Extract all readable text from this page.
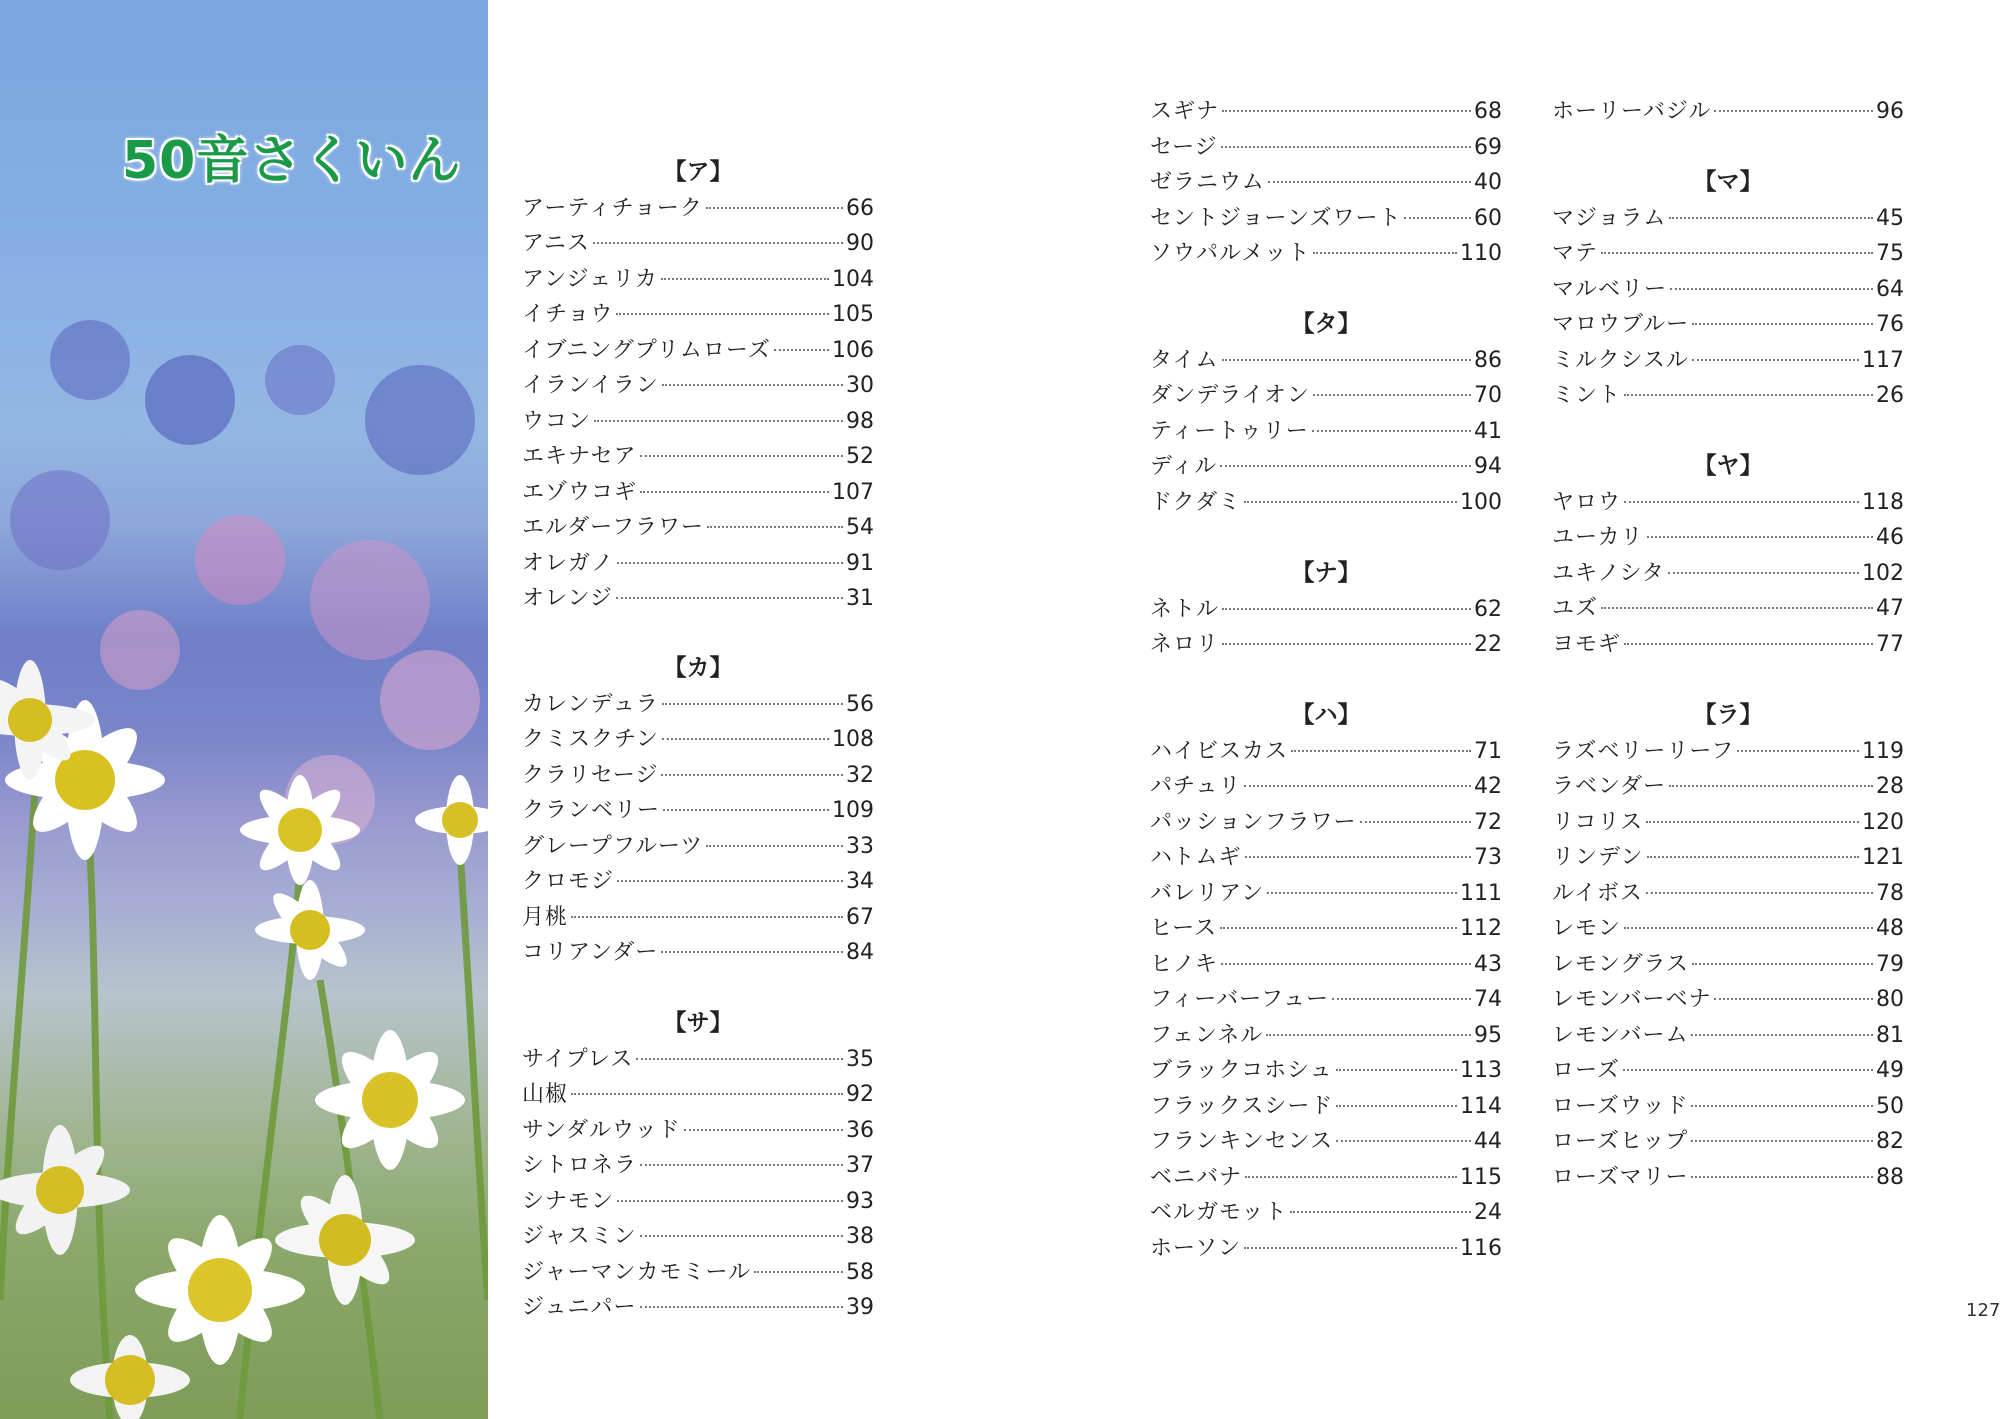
50音さくいん	【ア】
アーティチョーク	66
アニス	90
アンジェリカ	104
イチョウ	105
イブニングプリムローズ	106
イランイラン	30
ウコン	98
エキナセア	52
エゾウコギ	107
エルダーフラワー	54
オレガノ	91
オレンジ	31
【カ】
カレンデュラ	56
クミスクチン	108
クラリセージ	32
クランベリー	109
グレープフルーツ	33
クロモジ	34
月桃	67
コリアンダー	84
【サ】
サイプレス	35
山椒	92
サンダルウッド	36
シトロネラ	37
シナモン	93
ジャスミン	38
ジャーマンカモミール	58
ジュニパー	39
スギナ	68
セージ	69
ゼラニウム	40
セントジョーンズワート	60
ソウパルメット	110
【タ】
タイム	86
ダンデライオン	70
ティートゥリー	41
ディル	94
ドクダミ	100
【ナ】
ネトル	62
ネロリ	22
【ハ】
ハイビスカス	71
パチュリ	42
パッションフラワー	72
ハトムギ	73
バレリアン	111
ヒース	112
ヒノキ	43
フィーバーフュー	74
フェンネル	95
ブラックコホシュ	113
フラックスシード	114
フランキンセンス	44
ベニバナ	115
ベルガモット	24
ホーソン	116
ホーリーバジル	96
【マ】
マジョラム	45
マテ	75
マルベリー	64
マロウブルー	76
ミルクシスル	117
ミント	26
【ヤ】
ヤロウ	118
ユーカリ	46
ユキノシタ	102
ユズ	47
ヨモギ	77
【ラ】
ラズベリーリーフ	119
ラベンダー	28
リコリス	120
リンデン	121
ルイボス	78
レモン	48
レモングラス	79
レモンバーベナ	80
レモンバーム	81
ローズ	49
ローズウッド	50
ローズヒップ	82
ローズマリー	88
127
